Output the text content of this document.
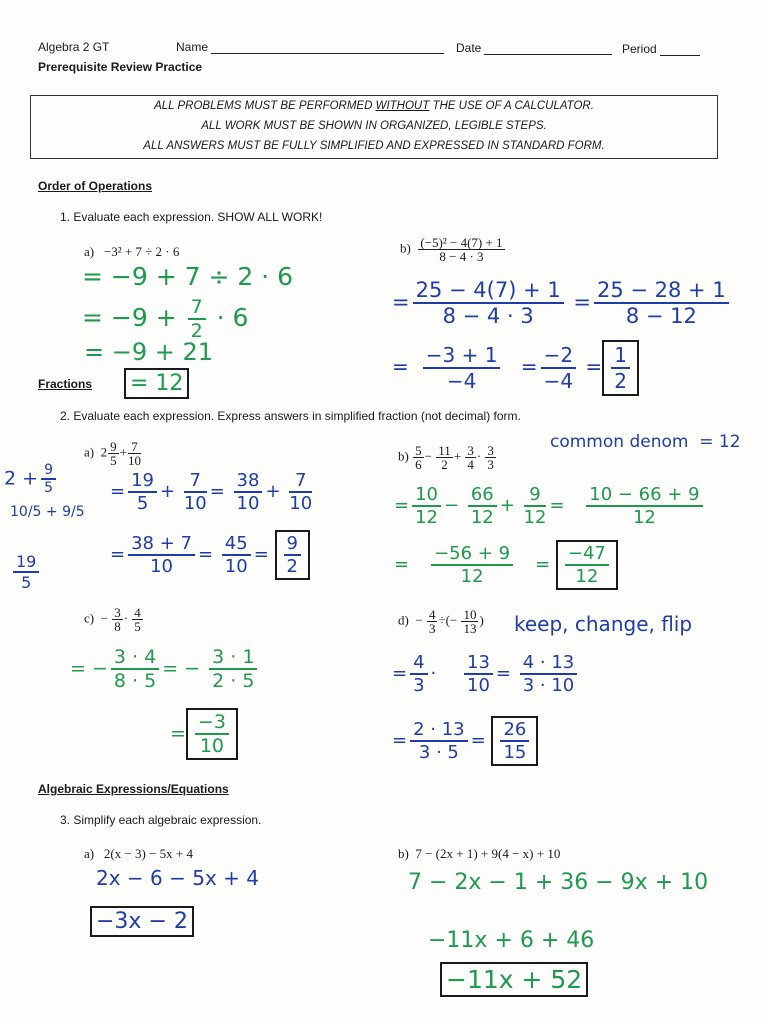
Algebra 2 GT	Name	Date	Period
Prerequisite Review Practice
ALL PROBLEMS MUST BE PERFORMED WITHOUT THE USE OF A CALCULATOR.
ALL WORK MUST BE SHOWN IN ORGANIZED, LEGIBLE STEPS.
ALL ANSWERS MUST BE FULLY SIMPLIFIED AND EXPRESSED IN STANDARD FORM.
Order of Operations
1. Evaluate each expression. SHOW ALL WORK!
a) −3² + 7 ÷ 2 · 6
= −9 + 7 ÷ 2 · 6
= $-9 + \frac{7}{2} \cdot 6$
= −9 + 21
$b) \frac{\text{(−5)² − 4(7) + 1}}{8 - 4 \cdot 3}$
= $\frac{25 - 4(7) + 1}{8 - 4 \cdot 3} = \frac{25 - 28 + 1}{8 - 12}$
= $\frac{-3 + 1}{-4} = \frac{-2}{-4} = \frac{1}{2}$
Fractions = 12
2. Evaluate each expression. Express answers in simplified fraction (not decimal) form.
a) $2 \frac{9}{5} + \frac{7}{10}$
$2 + \frac{9}{5}$
10/5 + 9/5
$\frac{19}{5}$
= $\frac{19}{5} + \frac{7}{10} = \frac{38}{10} + \frac{7}{10}$
= $\frac{38 + 7}{10} = \frac{45}{10} = \frac{9}{2}$
$b) \frac{5}{6} - \frac{11}{2} + \frac{3}{4} \cdot \frac{3}{3}$
common denom = 12
= $\frac{10}{12} - \frac{66}{12} + \frac{9}{12} = \frac{10 - 66 + 9}{12}$
= $\frac{-56 + 9}{12} = \frac{-47}{12}$
$c) - \frac{3}{8} \cdot \frac{4}{5}$
= − $\frac{3 \cdot 4}{8 \cdot 5}$ = − $\frac{3 \cdot 1}{2 \cdot 5}$
= $\frac{-3}{10}$
$d) - \frac{4}{3}$ ÷(− $\frac{10}{13}$ ) keep, change, flip
= $\frac{4}{3} \cdot \frac{13}{10} = \frac{4 \cdot 13}{3 \cdot 10}$
= $\frac{2 \cdot 13}{3 \cdot 5} = \frac{26}{15}$
Algebraic Expressions/Equations
3. Simplify each algebraic expression.
a) 2(x − 3) − 5x + 4
2x − 6 − 5x + 4
−3x − 2
b) 7 − (2x + 1) + 9(4 − x) + 10
7 − 2x − 1 + 36 − 9x + 10
−11x + 6 + 46
−11x + 52
